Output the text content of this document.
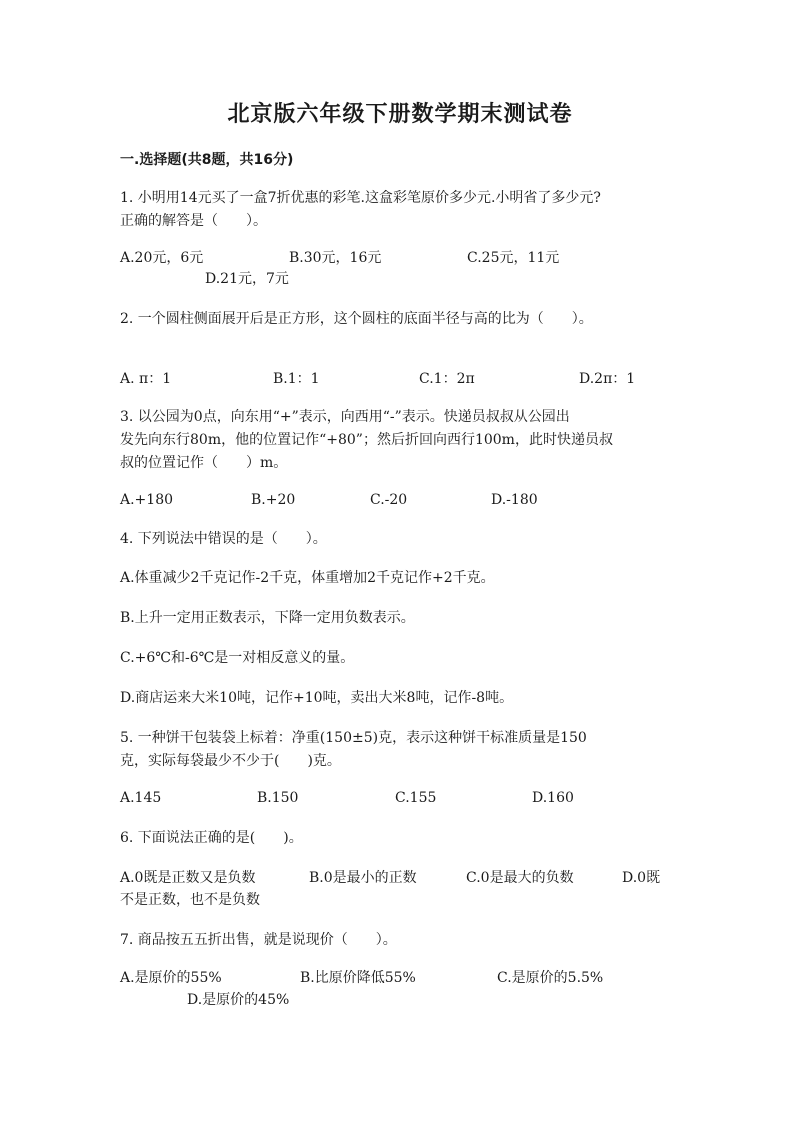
北京版六年级下册数学期末测试卷
一.选择题(共8题，共16分)
1. 小明用14元买了一盒7折优惠的彩笔.这盒彩笔原价多少元.小明省了多少元?
正确的解答是（　　）。
A.20元，6元	B.30元，16元	C.25元，11元
D.21元，7元
2. 一个圆柱侧面展开后是正方形，这个圆柱的底面半径与高的比为（　　）。
A. π：1	B.1：1	C.1：2π	D.2π：1
3. 以公园为0点，向东用“+”表示，向西用“-”表示。快递员叔叔从公园出
发先向东行80m，他的位置记作“+80”；然后折回向西行100m，此时快递员叔
叔的位置记作（　　）m。
A.+180	B.+20	C.-20	D.-180
4. 下列说法中错误的是（　　）。
A.体重减少2千克记作-2千克，体重增加2千克记作+2千克。
B.上升一定用正数表示，下降一定用负数表示。
C.+6℃和-6℃是一对相反意义的量。
D.商店运来大米10吨，记作+10吨，卖出大米8吨，记作-8吨。
5. 一种饼干包装袋上标着：净重(150±5)克，表示这种饼干标准质量是150
克，实际每袋最少不少于(　　)克。
A.145	B.150	C.155	D.160
6. 下面说法正确的是(　　)。
A.0既是正数又是负数	B.0是最小的正数	C.0是最大的负数	D.0既
不是正数，也不是负数
7. 商品按五五折出售，就是说现价（　　）。
A.是原价的55%	B.比原价降低55%	C.是原价的5.5%
D.是原价的45%
